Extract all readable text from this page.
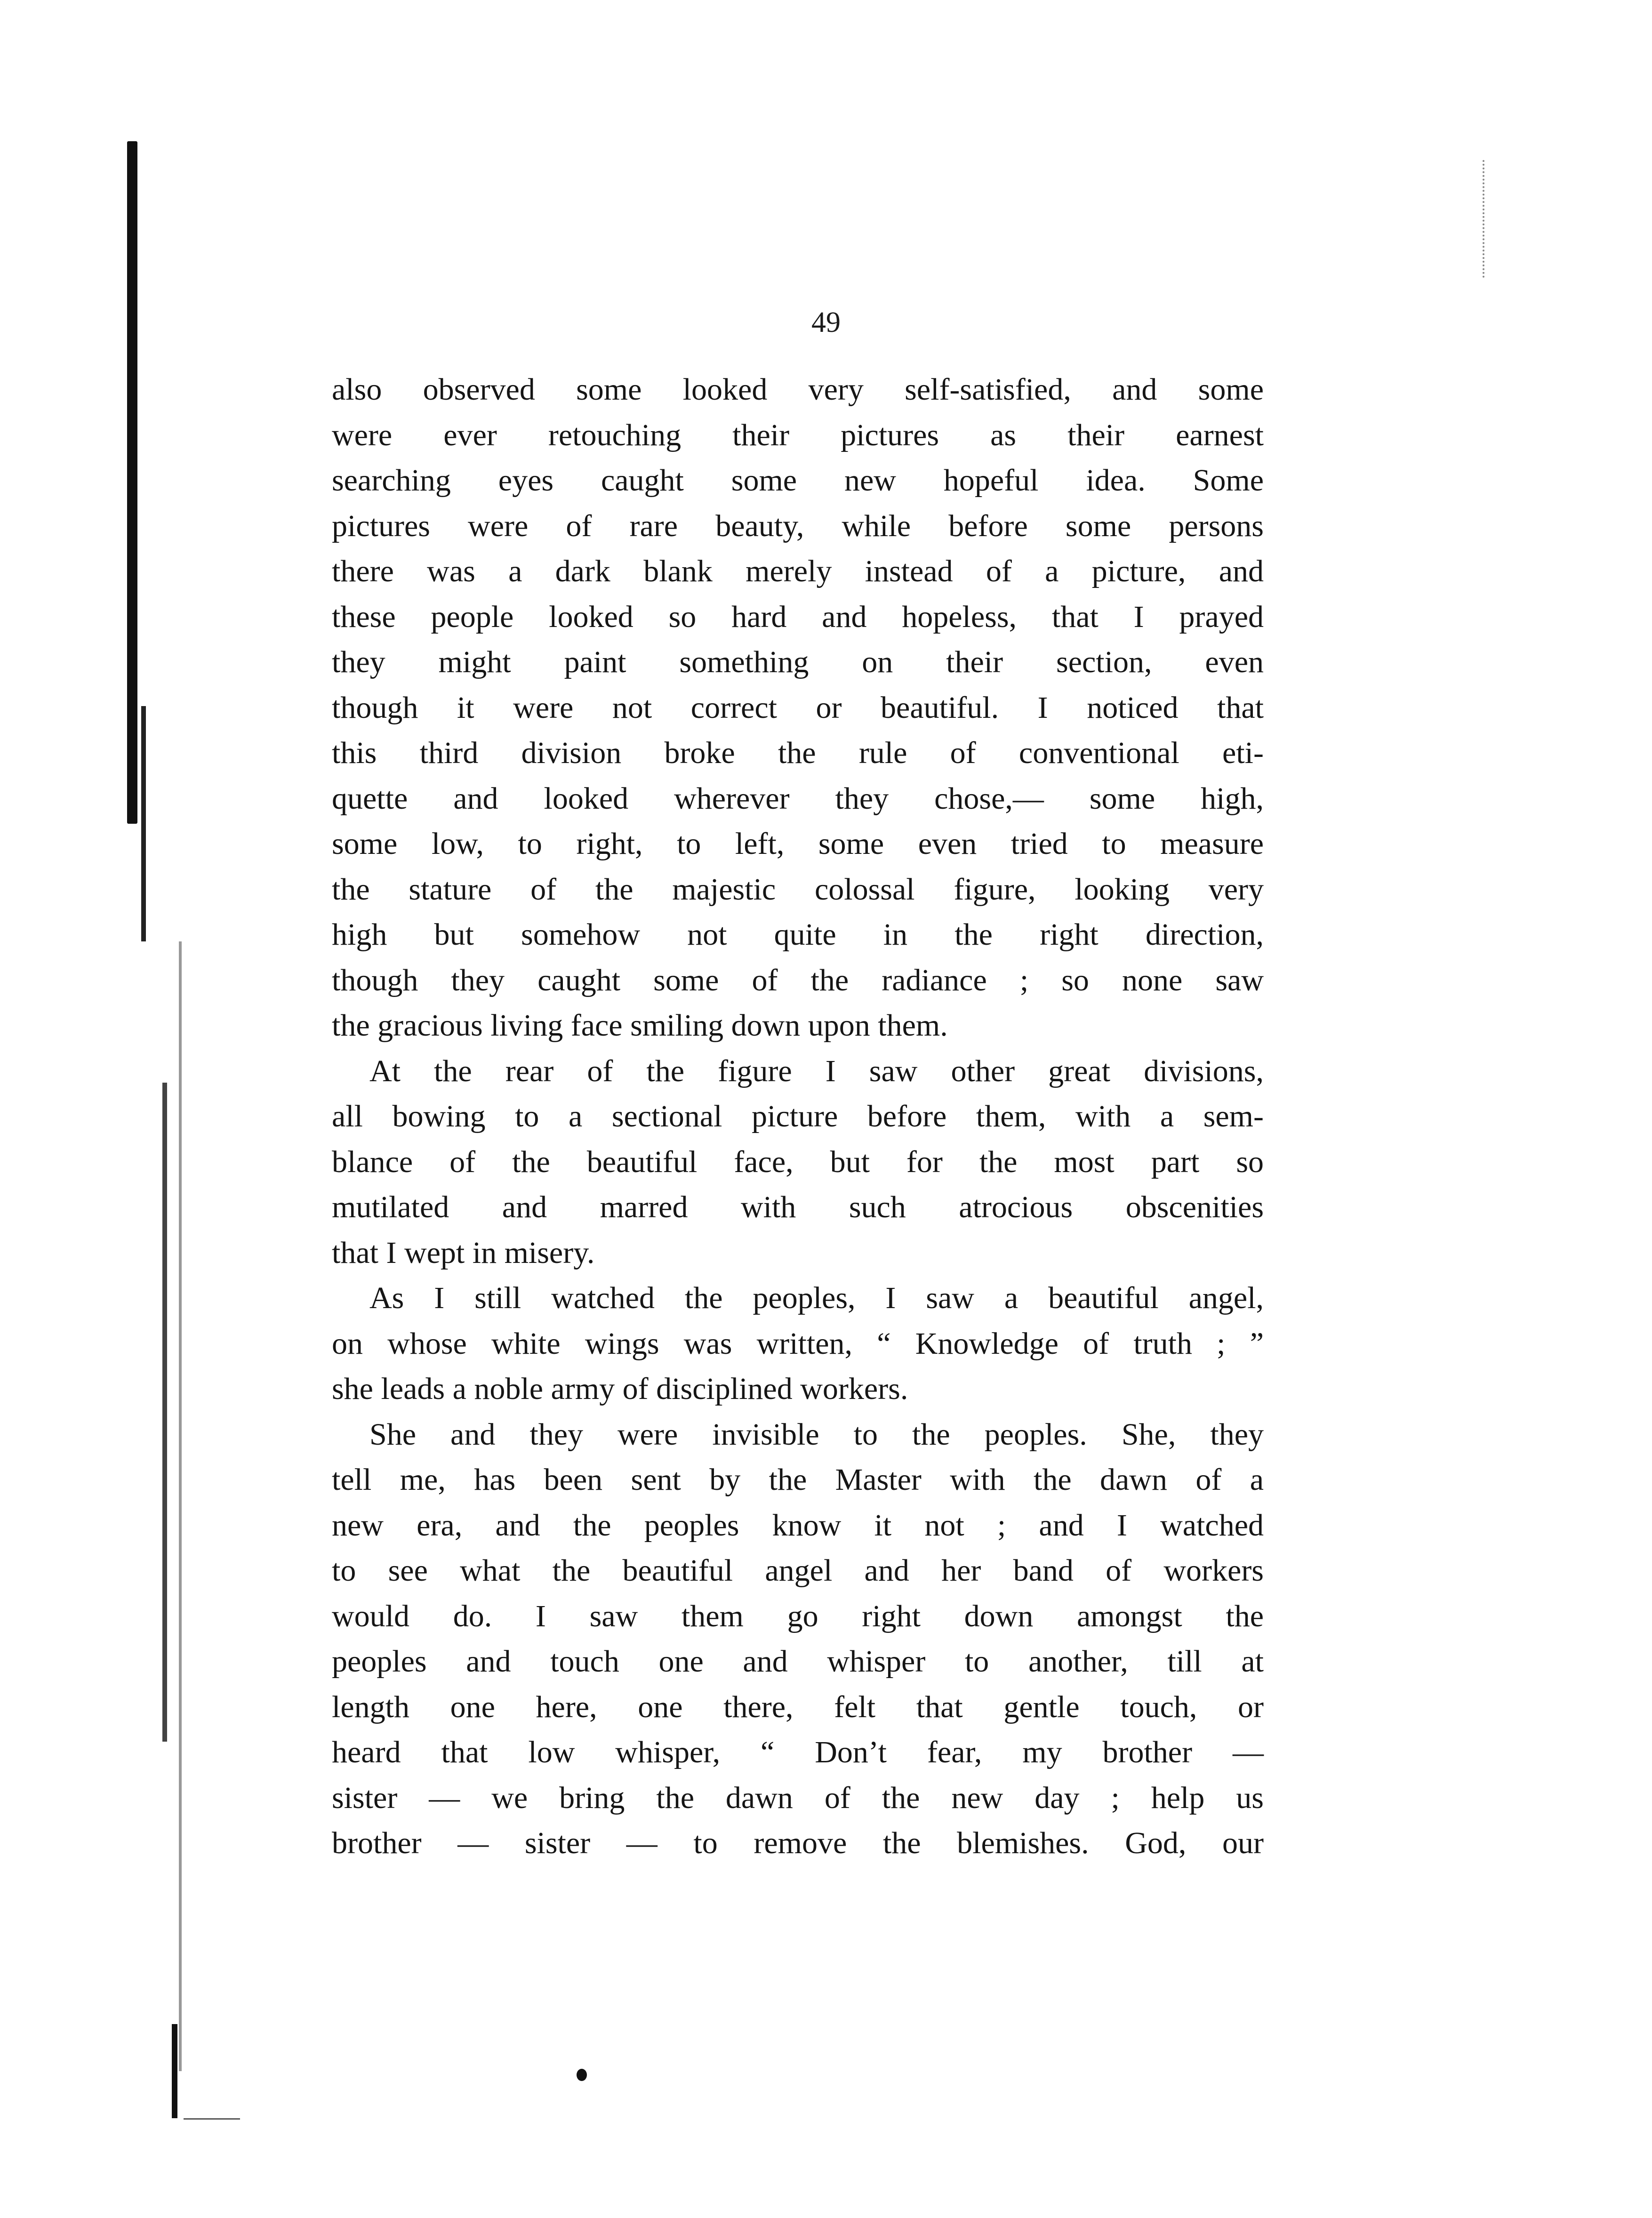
49
also observed some looked very self-satisfied, and some
were ever retouching their pictures as their earnest
searching eyes caught some new hopeful idea. Some
pictures were of rare beauty, while before some persons
there was a dark blank merely instead of a picture, and
these people looked so hard and hopeless, that I prayed
they might paint something on their section, even
though it were not correct or beautiful. I noticed that
this third division broke the rule of conventional eti-
quette and looked wherever they chose,— some high,
some low, to right, to left, some even tried to measure
the stature of the majestic colossal figure, looking very
high but somehow not quite in the right direction,
though they caught some of the radiance ; so none saw
the gracious living face smiling down upon them.
At the rear of the figure I saw other great divisions,
all bowing to a sectional picture before them, with a sem-
blance of the beautiful face, but for the most part so
mutilated and marred with such atrocious obscenities
that I wept in misery.
As I still watched the peoples, I saw a beautiful angel,
on whose white wings was written, “ Knowledge of truth ; ”
she leads a noble army of disciplined workers.
She and they were invisible to the peoples. She, they
tell me, has been sent by the Master with the dawn of a
new era, and the peoples know it not ; and I watched
to see what the beautiful angel and her band of workers
would do. I saw them go right down amongst the
peoples and touch one and whisper to another, till at
length one here, one there, felt that gentle touch, or
heard that low whisper, “ Don’t fear, my brother —
sister — we bring the dawn of the new day ; help us
brother — sister — to remove the blemishes. God, our
